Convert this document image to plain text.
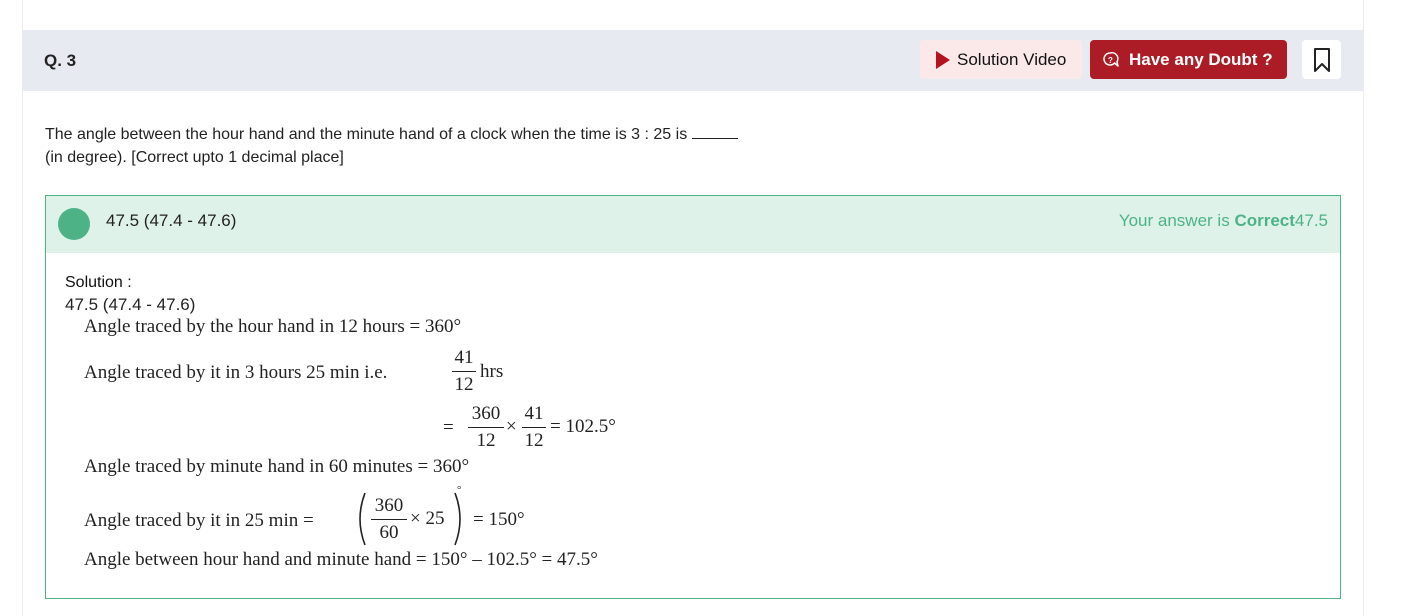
Q. 3	Solution Video	? Have any Doubt ?
The angle between the hour hand and the minute hand of a clock when the time is 3 : 25 is
(in degree). [Correct upto 1 decimal place]
47.5 (47.4 - 47.6)	Your answer is Correct47.5
Solution :
47.5 (47.4 - 47.6)
Angle traced by the hour hand in 12 hours = 360°
Angle traced by it in 3 hours 25 min i.e.
41
12
hrs
=
360
12
×
41
12
= 102.5°
Angle traced by minute hand in 60 minutes = 360°
Angle traced by it in 25 min =
360
60
× 25
°
= 150°
Angle between hour hand and minute hand = 150° – 102.5° = 47.5°
